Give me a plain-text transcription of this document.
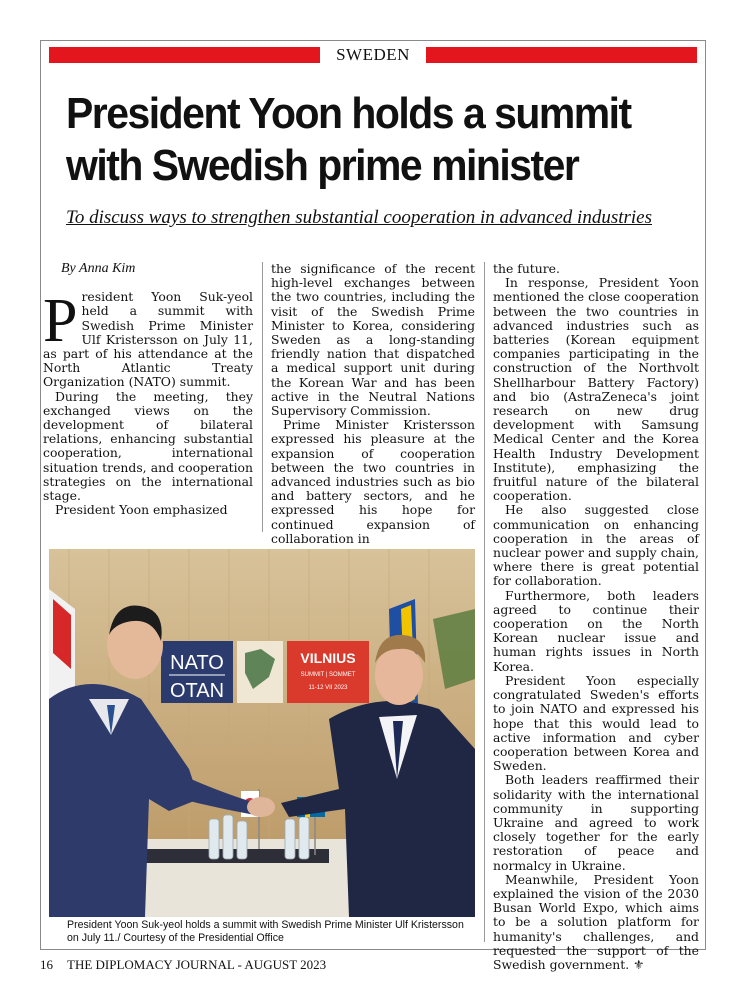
SWEDEN
President Yoon holds a summit
with Swedish prime minister

To discuss ways to strengthen substantial cooperation in advanced industries

By Anna Kim

President Yoon Suk-yeol held a summit with Swedish Prime Minister Ulf Kristersson on July 11, as part of his attendance at the North Atlantic Treaty Organization (NATO) summit.

During the meeting, they exchanged views on the development of bilateral relations, enhancing substantial cooperation, international situation trends, and cooperation strategies on the international stage.

President Yoon emphasized

the significance of the recent high-level exchanges between the two countries, including the visit of the Swedish Prime Minister to Korea, considering Sweden as a long-standing friendly nation that dispatched a medical support unit during the Korean War and has been active in the Neutral Nations Supervisory Commission.

Prime Minister Kristersson expressed his pleasure at the expansion of cooperation between the two countries in advanced industries such as bio and battery sectors, and he expressed his hope for continued expansion of collaboration in

the future.

In response, President Yoon mentioned the close cooperation between the two countries in advanced industries such as batteries (Korean equipment companies participating in the construction of the Northvolt Shellharbour Battery Factory) and bio (AstraZeneca's joint research on new drug development with Samsung Medical Center and the Korea Health Industry Development Institute), emphasizing the fruitful nature of the bilateral cooperation.

He also suggested close communication on enhancing cooperation in the areas of nuclear power and supply chain, where there is great potential for collaboration.

Furthermore, both leaders agreed to continue their cooperation on the North Korean nuclear issue and human rights issues in North Korea.

President Yoon especially congratulated Sweden's efforts to join NATO and expressed his hope that this would lead to active information and cyber cooperation between Korea and Sweden.

Both leaders reaffirmed their solidarity with the international community in supporting Ukraine and agreed to work closely together for the early restoration of peace and normalcy in Ukraine.

Meanwhile, President Yoon explained the vision of the 2030 Busan World Expo, which aims to be a solution platform for humanity's challenges, and requested the support of the Swedish government. ⚜

NATO
OTAN
VILNIUS
SUMMIT | SOMMET
11-12 VII 2023

President Yoon Suk-yeol holds a summit with Swedish Prime Minister Ulf Kristersson on July 11./ Courtesy of the Presidential Office

16 THE DIPLOMACY JOURNAL - AUGUST 2023
